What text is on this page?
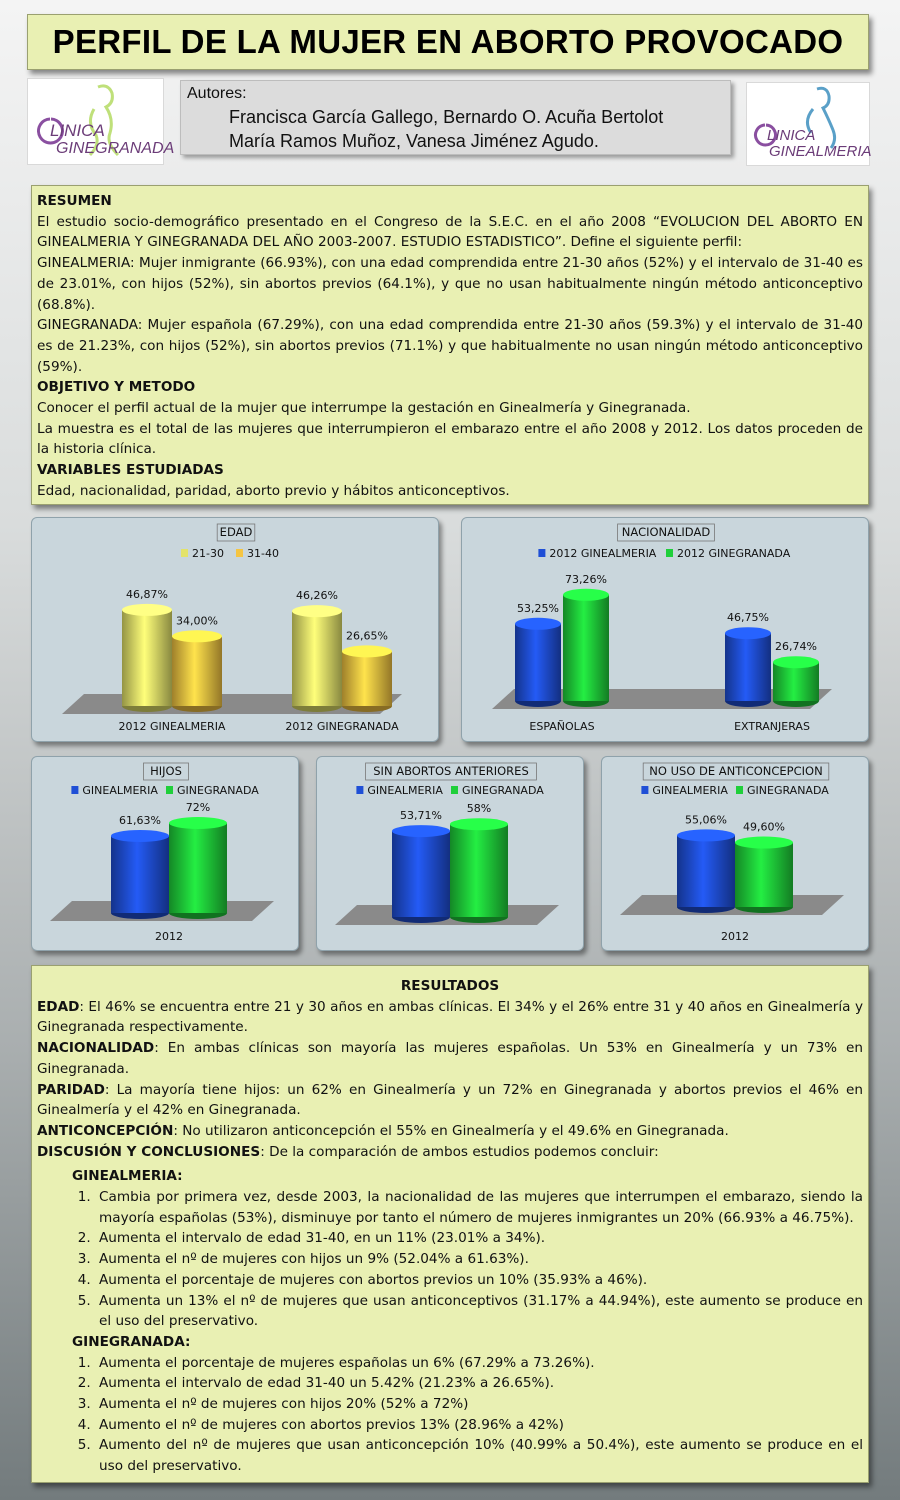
PERFIL DE LA MUJER EN ABORTO PROVOCADO
LINICA
GINEGRANADA
Autores:
Francisca García Gallego, Bernardo O. Acuña Bertolot
María Ramos Muñoz, Vanesa Jiménez Agudo.	LINICA
GINEALMERIA
RESUMEN
El estudio socio-demográfico presentado en el Congreso de la S.E.C. en el año 2008 “EVOLUCION DEL ABORTO EN GINEALMERIA Y GINEGRANADA DEL AÑO 2003-2007. ESTUDIO ESTADISTICO”. Define el siguiente perfil:
GINEALMERIA: Mujer inmigrante (66.93%), con una edad comprendida entre 21-30 años (52%) y el intervalo de 31-40 es de 23.01%, con hijos (52%), sin abortos previos (64.1%), y que no usan habitualmente ningún método anticonceptivo (68.8%).
GINEGRANADA: Mujer española (67.29%), con una edad comprendida entre 21-30 años (59.3%) y el intervalo de 31-40 es de 21.23%, con hijos (52%), sin abortos previos (71.1%) y que habitualmente no usan ningún método anticonceptivo (59%).
OBJETIVO Y METODO
Conocer el perfil actual de la mujer que interrumpe la gestación en Ginealmería y Ginegranada.
La muestra es el total de las mujeres que interrumpieron el embarazo entre el año 2008 y 2012. Los datos proceden de la historia clínica.
VARIABLES ESTUDIADAS
Edad, nacionalidad, paridad, aborto previo y hábitos anticonceptivos.
EDAD
21-30 31-40
46,87%
34,00%
2012 GINEALMERIA
46,26%
26,65%
2012 GINEGRANADA
NACIONALIDAD
2012 GINEALMERIA 2012 GINEGRANADA
53,25%
73,26%
ESPAÑOLAS
46,75%
26,74%
EXTRANJERAS
HIJOS
GINEALMERIA GINEGRANADA
61,63%
72%
2012
SIN ABORTOS ANTERIORES
GINEALMERIA GINEGRANADA
53,71%
58%
NO USO DE ANTICONCEPCION
GINEALMERIA GINEGRANADA
55,06%
49,60%
2012
RESULTADOS
EDAD: El 46% se encuentra entre 21 y 30 años en ambas clínicas. El 34% y el 26% entre 31 y 40 años en Ginealmería y Ginegranada respectivamente.
NACIONALIDAD: En ambas clínicas son mayoría las mujeres españolas. Un 53% en Ginealmería y un 73% en Ginegranada.
PARIDAD: La mayoría tiene hijos: un 62% en Ginealmería y un 72% en Ginegranada y abortos previos el 46% en Ginealmería y el 42% en Ginegranada.
ANTICONCEPCIÓN: No utilizaron anticoncepción el 55% en Ginealmería y el 49.6% en Ginegranada.
DISCUSIÓN Y CONCLUSIONES: De la comparación de ambos estudios podemos concluir:
GINEALMERIA:
1. Cambia por primera vez, desde 2003, la nacionalidad de las mujeres que interrumpen el embarazo, siendo la mayoría españolas (53%), disminuye por tanto el número de mujeres inmigrantes un 20% (66.93% a 46.75%).
2. Aumenta el intervalo de edad 31-40, en un 11% (23.01% a 34%).
3. Aumenta el nº de mujeres con hijos un 9% (52.04% a 61.63%).
4. Aumenta el porcentaje de mujeres con abortos previos un 10% (35.93% a 46%).
5. Aumenta un 13% el nº de mujeres que usan anticonceptivos (31.17% a 44.94%), este aumento se produce en el uso del preservativo.
GINEGRANADA:
1. Aumenta el porcentaje de mujeres españolas un 6% (67.29% a 73.26%).
2. Aumenta el intervalo de edad 31-40 un 5.42% (21.23% a 26.65%).
3. Aumenta el nº de mujeres con hijos 20% (52% a 72%)
4. Aumento el nº de mujeres con abortos previos 13% (28.96% a 42%)
5. Aumento del nº de mujeres que usan anticoncepción 10% (40.99% a 50.4%), este aumento se produce en el uso del preservativo.
